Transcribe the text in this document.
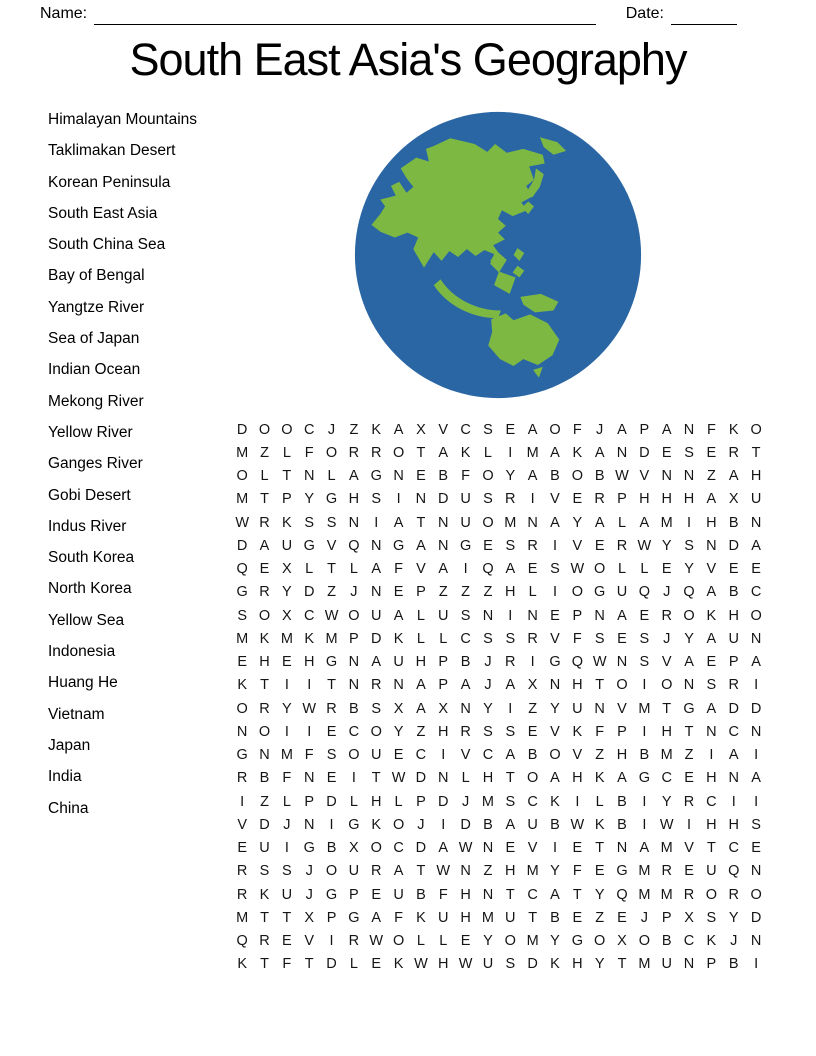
Name:	Date:
South East Asia's Geography
Himalayan Mountains
Taklimakan Desert
Korean Peninsula
South East Asia
South China Sea
Bay of Bengal
Yangtze River
Sea of Japan
Indian Ocean
Mekong River
Yellow River
Ganges River
Gobi Desert
Indus River
South Korea
North Korea
Yellow Sea
Indonesia
Huang He
Vietnam
Japan
India
China
D O O C J Z K A X V C S E A O F J A P A N F K O
M Z L F O R R O T A K L	I M A K A N D E S E R T
O L T N L A G N E B F O Y A B O B W V N N Z A H
M T P Y G H S	I	N D U S R	I	V E R P H H H A X U
W R K S S N	I	A T N U O M N A Y A L A M I	H B N
D A U G V Q N G A N G E S R	I	V E R W Y S N D A
Q E X L T L A F V A	I	Q A E S W O L L E Y V E E
G R Y D Z J N E P Z Z Z H L	I	O G U Q J Q A B C
S O X C W O U A L U S N	I	N E P N A E R O K H O
M K M K M P D K L L C S S R V F S E S J Y A U N
E H E H G N A U H P B J R	I	G Q W N S V A E P A
K T	I	I	T N R N A P A J A X N H T O	I	O N S R	I
O R Y W R B S X A X N Y	I	Z Y U N V M T G A D D
N O	I	I	E C O Y Z H R S S E V K F P	I	H T N C N
G N M F S O U E C	I	V C A B O V Z H B M Z	I	A	I
R B F N E	I	T W D N L H T O A H K A G C E H N A
I	Z L P D L H L P D J M S C K	I	L B	I	Y R C	I	I
V D J N	I	G K O J	I	D B A U B W K B	I W I	H H S
E U	I	G B X O C D A W N E V	I	E T N A M V T C E
R S S J O U R A T W N Z H M Y F E G M R E U Q N
R K U J G P E U B F H N T C A T Y Q M M R O R O
M T T X P G A F K U H M U T B E Z E J P X S Y D
Q R E V	I	R W O L L E Y O M Y G O X O B C K J N
K T F T D L E K W H W U S D K H Y T M U N P B	I
